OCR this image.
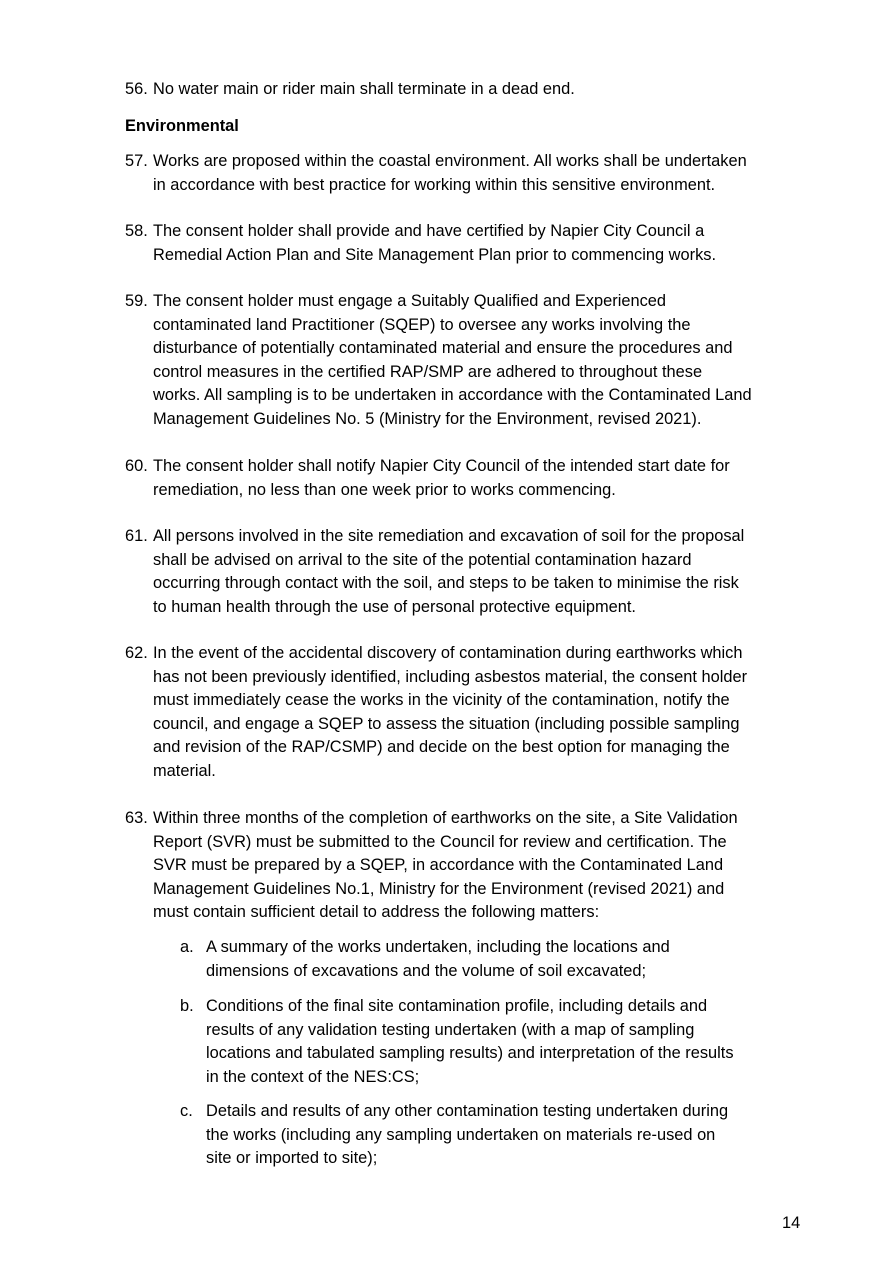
56. No water main or rider main shall terminate in a dead end.
Environmental
57. Works are proposed within the coastal environment. All works shall be undertaken
in accordance with best practice for working within this sensitive environment.
58. The consent holder shall provide and have certified by Napier City Council a
Remedial Action Plan and Site Management Plan prior to commencing works.
59. The consent holder must engage a Suitably Qualified and Experienced
contaminated land Practitioner (SQEP) to oversee any works involving the
disturbance of potentially contaminated material and ensure the procedures and
control measures in the certified RAP/SMP are adhered to throughout these
works. All sampling is to be undertaken in accordance with the Contaminated Land
Management Guidelines No. 5 (Ministry for the Environment, revised 2021).
60. The consent holder shall notify Napier City Council of the intended start date for
remediation, no less than one week prior to works commencing.
61. All persons involved in the site remediation and excavation of soil for the proposal
shall be advised on arrival to the site of the potential contamination hazard
occurring through contact with the soil, and steps to be taken to minimise the risk
to human health through the use of personal protective equipment.
62. In the event of the accidental discovery of contamination during earthworks which
has not been previously identified, including asbestos material, the consent holder
must immediately cease the works in the vicinity of the contamination, notify the
council, and engage a SQEP to assess the situation (including possible sampling
and revision of the RAP/CSMP) and decide on the best option for managing the
material.
63. Within three months of the completion of earthworks on the site, a Site Validation
Report (SVR) must be submitted to the Council for review and certification. The
SVR must be prepared by a SQEP, in accordance with the Contaminated Land
Management Guidelines No.1, Ministry for the Environment (revised 2021) and
must contain sufficient detail to address the following matters:
a. A summary of the works undertaken, including the locations and
dimensions of excavations and the volume of soil excavated;
b. Conditions of the final site contamination profile, including details and
results of any validation testing undertaken (with a map of sampling
locations and tabulated sampling results) and interpretation of the results
in the context of the NES:CS;
c. Details and results of any other contamination testing undertaken during
the works (including any sampling undertaken on materials re-used on
site or imported to site);
14
